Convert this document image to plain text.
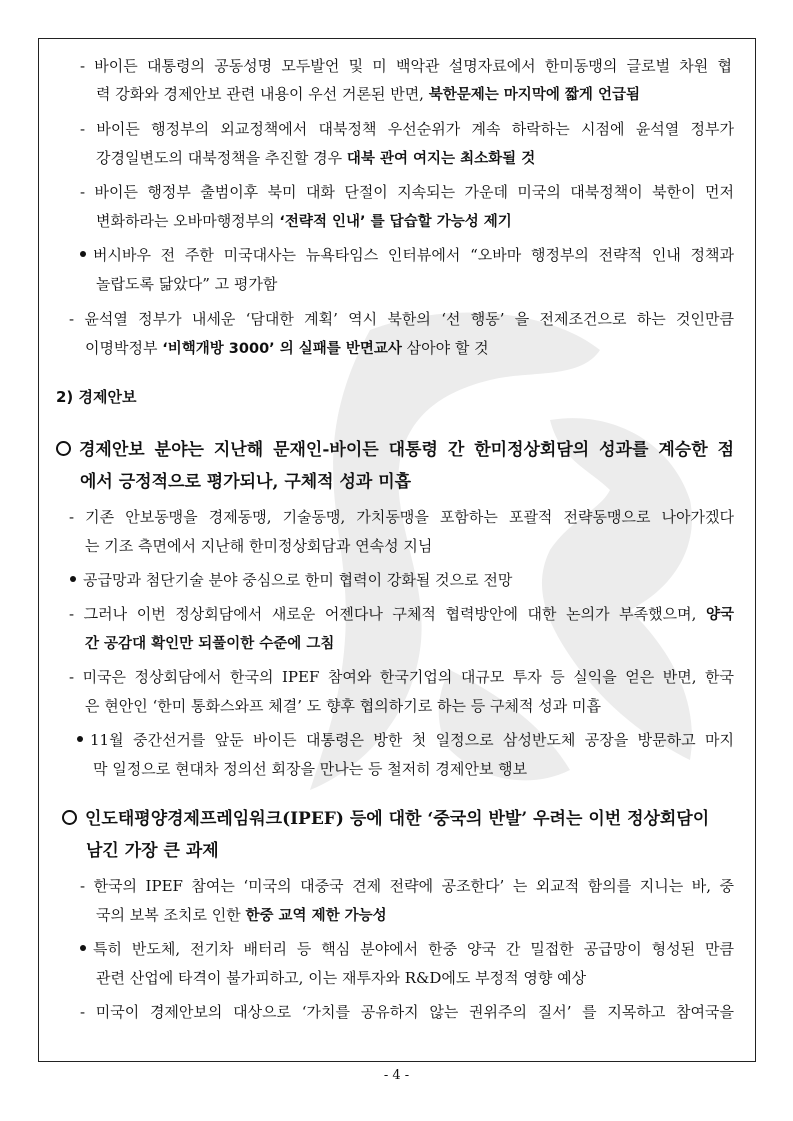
- 바이든 대통령의 공동성명 모두발언 및 미 백악관 설명자료에서 한미동맹의 글로벌 차원 협
력 강화와 경제안보 관련 내용이 우선 거론된 반면, 북한문제는 마지막에 짧게 언급됨
- 바이든 행정부의 외교정책에서 대북정책 우선순위가 계속 하락하는 시점에 윤석열 정부가
강경일변도의 대북정책을 추진할 경우 대북 관여 여지는 최소화될 것
- 바이든 행정부 출범이후 북미 대화 단절이 지속되는 가운데 미국의 대북정책이 북한이 먼저
변화하라는 오바마행정부의 ‘전략적 인내’ 를 답습할 가능성 제기
버시바우 전 주한 미국대사는 뉴욕타임스 인터뷰에서 “오바마 행정부의 전략적 인내 정책과
놀랍도록 닮았다” 고 평가함
- 윤석열 정부가 내세운 ‘담대한 계획’ 역시 북한의 ‘선 행동’ 을 전제조건으로 하는 것인만큼
이명박정부 ‘비핵개방 3000’ 의 실패를 반면교사 삼아야 할 것
2) 경제안보
경제안보 분야는 지난해 문재인-바이든 대통령 간 한미정상회담의 성과를 계승한 점
에서 긍정적으로 평가되나, 구체적 성과 미흡
- 기존 안보동맹을 경제동맹, 기술동맹, 가치동맹을 포함하는 포괄적 전략동맹으로 나아가겠다
는 기조 측면에서 지난해 한미정상회담과 연속성 지님
공급망과 첨단기술 분야 중심으로 한미 협력이 강화될 것으로 전망
- 그러나 이번 정상회담에서 새로운 어젠다나 구체적 협력방안에 대한 논의가 부족했으며, 양국
간 공감대 확인만 되풀이한 수준에 그침
- 미국은 정상회담에서 한국의 IPEF 참여와 한국기업의 대규모 투자 등 실익을 얻은 반면, 한국
은 현안인 ‘한미 통화스와프 체결’ 도 향후 협의하기로 하는 등 구체적 성과 미흡
11월 중간선거를 앞둔 바이든 대통령은 방한 첫 일정으로 삼성반도체 공장을 방문하고 마지
막 일정으로 현대차 정의선 회장을 만나는 등 철저히 경제안보 행보
인도태평양경제프레임워크(IPEF) 등에 대한 ‘중국의 반발’ 우려는 이번 정상회담이
남긴 가장 큰 과제
- 한국의 IPEF 참여는 ‘미국의 대중국 견제 전략에 공조한다’ 는 외교적 함의를 지니는 바, 중
국의 보복 조치로 인한 한중 교역 제한 가능성
특히 반도체, 전기차 배터리 등 핵심 분야에서 한중 양국 간 밀접한 공급망이 형성된 만큼
관련 산업에 타격이 불가피하고, 이는 재투자와 R&D에도 부정적 영향 예상
- 미국이 경제안보의 대상으로 ‘가치를 공유하지 않는 권위주의 질서’ 를 지목하고 참여국을
- 4 -
